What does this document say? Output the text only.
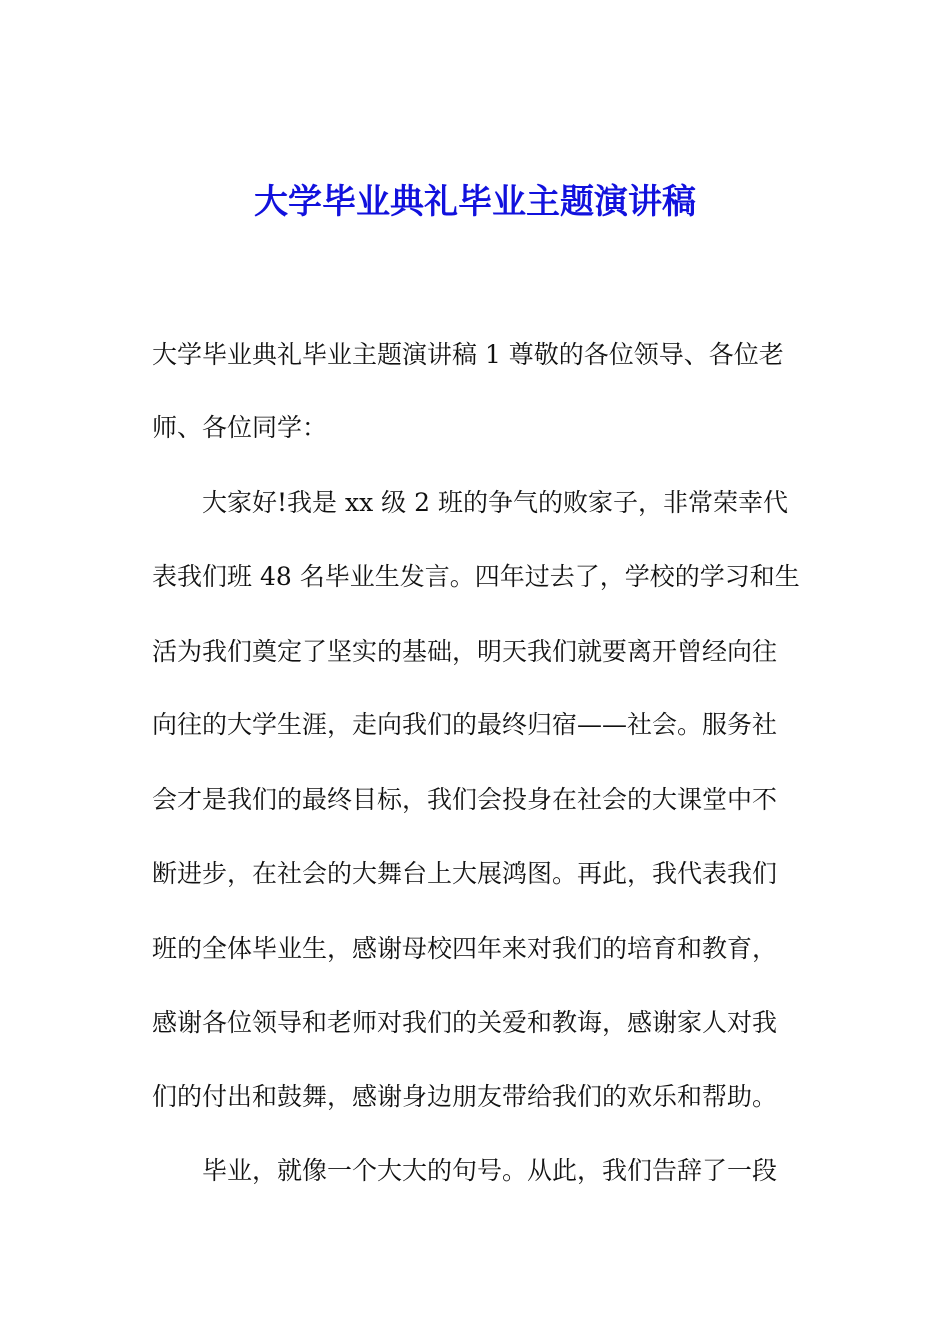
大学毕业典礼毕业主题演讲稿

大学毕业典礼毕业主题演讲稿 1 尊敬的各位领导、各位老

师、各位同学：

大家好!我是 xx 级 2 班的争气的败家子，非常荣幸代

表我们班 48 名毕业生发言。四年过去了，学校的学习和生

活为我们奠定了坚实的基础，明天我们就要离开曾经向往

向往的大学生涯，走向我们的最终归宿——社会。服务社

会才是我们的最终目标，我们会投身在社会的大课堂中不

断进步，在社会的大舞台上大展鸿图。再此，我代表我们

班的全体毕业生，感谢母校四年来对我们的培育和教育，

感谢各位领导和老师对我们的关爱和教诲，感谢家人对我

们的付出和鼓舞，感谢身边朋友带给我们的欢乐和帮助。

毕业，就像一个大大的句号。从此，我们告辞了一段
